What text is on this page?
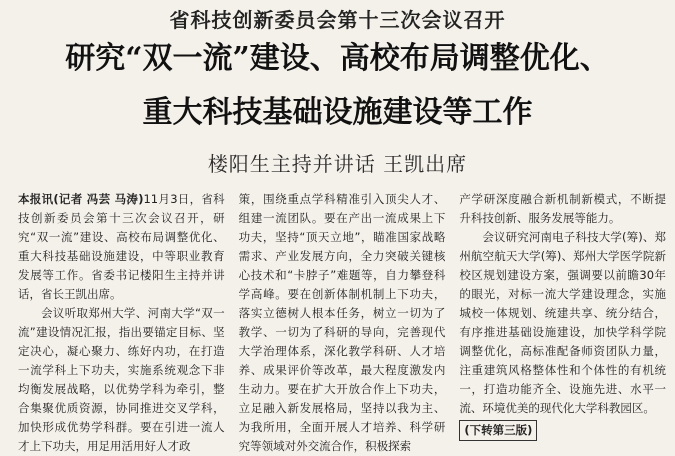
省科技创新委员会第十三次会议召开
研究“双一流”建设、高校布局调整优化、
重大科技基础设施建设等工作
楼阳生主持并讲话 王凯出席

本报讯(记者 冯芸 马涛)11月3日，省科技创新委员会第十三次会议召开，研究“双一流”建设、高校布局调整优化、重大科技基础设施建设，中等职业教育发展等工作。省委书记楼阳生主持并讲话，省长王凯出席。

会议听取郑州大学、河南大学“双一流”建设情况汇报，指出要锚定目标、坚定决心，凝心聚力、练好内功，在打造一流学科上下功夫，实施系统观念下非均衡发展战略，以优势学科为牵引，整合集聚优质资源，协同推进交叉学科，加快形成优势学科群。要在引进一流人才上下功夫，用足用活用好人才政

策，围绕重点学科精准引入顶尖人才、组建一流团队。要在产出一流成果上下功夫，坚持“顶天立地”，瞄准国家战略需求、产业发展方向，全力突破关键核心技术和“卡脖子”难题等，自力攀登科学高峰。要在创新体制机制上下功夫，落实立德树人根本任务，树立一切为了教学、一切为了科研的导向，完善现代大学治理体系，深化教学科研、人才培养、成果评价等改革，最大程度激发内生动力。要在扩大开放合作上下功夫，立足融入新发展格局，坚持以我为主、为我所用，全面开展人才培养、科学研究等领域对外交流合作，积极探索

产学研深度融合新机制新模式，不断提升科技创新、服务发展等能力。

会议研究河南电子科技大学(筹)、郑州航空航天大学(筹)、郑州大学医学院新校区规划建设方案，强调要以前瞻30年的眼光，对标一流大学建设理念，实施城校一体规划、统建共享、统分结合，有序推进基础设施建设，加快学科学院调整优化，高标准配备师资团队力量，注重建筑风格整体性和个体性的有机统一，打造功能齐全、设施先进、水平一流、环境优美的现代化大学科教园区。

(下转第三版)
